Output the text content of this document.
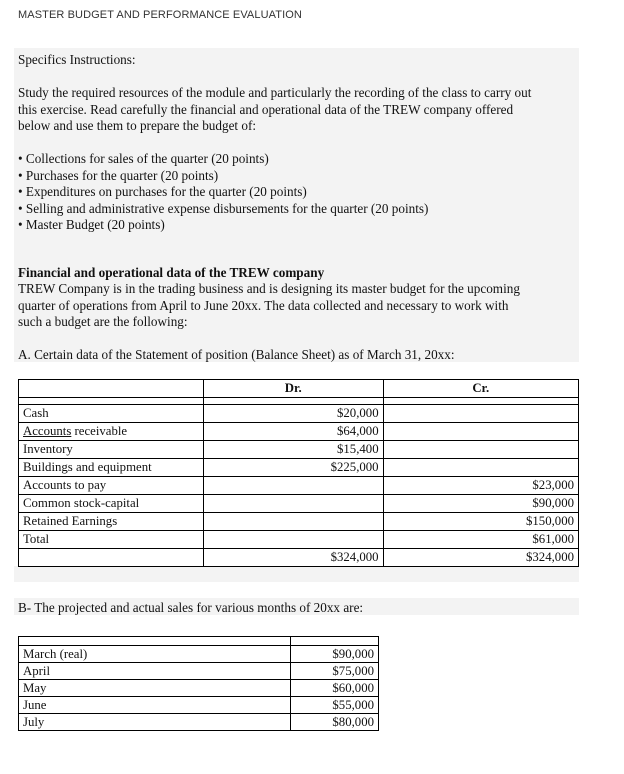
MASTER BUDGET AND PERFORMANCE EVALUATION
Specifics Instructions:
Study the required resources of the module and particularly the recording of the class to carry out
this exercise. Read carefully the financial and operational data of the TREW company offered
below and use them to prepare the budget of:
• Collections for sales of the quarter (20 points)
• Purchases for the quarter (20 points)
• Expenditures on purchases for the quarter (20 points)
• Selling and administrative expense disbursements for the quarter (20 points)
• Master Budget (20 points)
Financial and operational data of the TREW company
TREW Company is in the trading business and is designing its master budget for the upcoming
quarter of operations from April to June 20xx. The data collected and necessary to work with
such a budget are the following:
A. Certain data of the Statement of position (Balance Sheet) as of March 31, 20xx:
	Dr.	Cr.

Cash	$20,000	
Accounts receivable	$64,000	
Inventory	$15,400	
Buildings and equipment	$225,000	
Accounts to pay		$23,000
Common stock-capital		$90,000
Retained Earnings		$150,000
Total		$61,000
	$324,000	$324,000
B- The projected and actual sales for various months of 20xx are:

March (real)	$90,000
April	$75,000
May	$60,000
June	$55,000
July	$80,000
